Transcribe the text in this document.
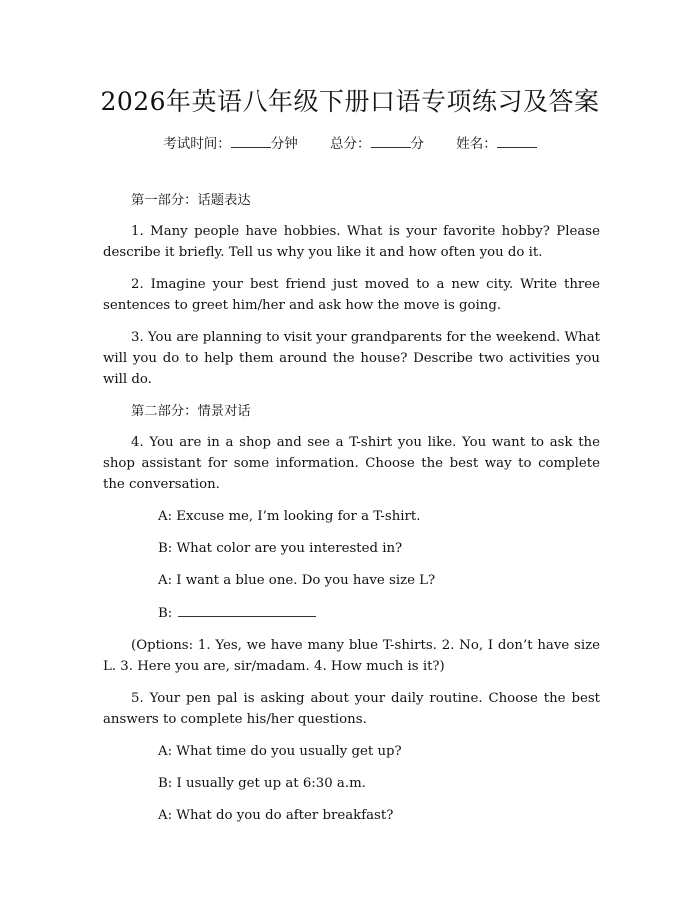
2026年英语八年级下册口语专项练习及答案
考试时间：	分钟 总分：	分 姓名：
第一部分：话题表达

1. Many people have hobbies. What is your favorite hobby? Please describe it briefly. Tell us why you like it and how often you do it.

2. Imagine your best friend just moved to a new city. Write three sentences to greet him/her and ask how the move is going.

3. You are planning to visit your grandparents for the weekend. What will you do to help them around the house? Describe two activities you will do.

第二部分：情景对话

4. You are in a shop and see a T-shirt you like. You want to ask the shop assistant for some information. Choose the best way to complete the conversation.

A: Excuse me, I’m looking for a T-shirt.
B: What color are you interested in?
A: I want a blue one. Do you have size L?
B:

(Options: 1. Yes, we have many blue T-shirts. 2. No, I don’t have size L. 3. Here you are, sir/madam. 4. How much is it?)

5. Your pen pal is asking about your daily routine. Choose the best answers to complete his/her questions.

A: What time do you usually get up?
B: I usually get up at 6:30 a.m.
A: What do you do after breakfast?
